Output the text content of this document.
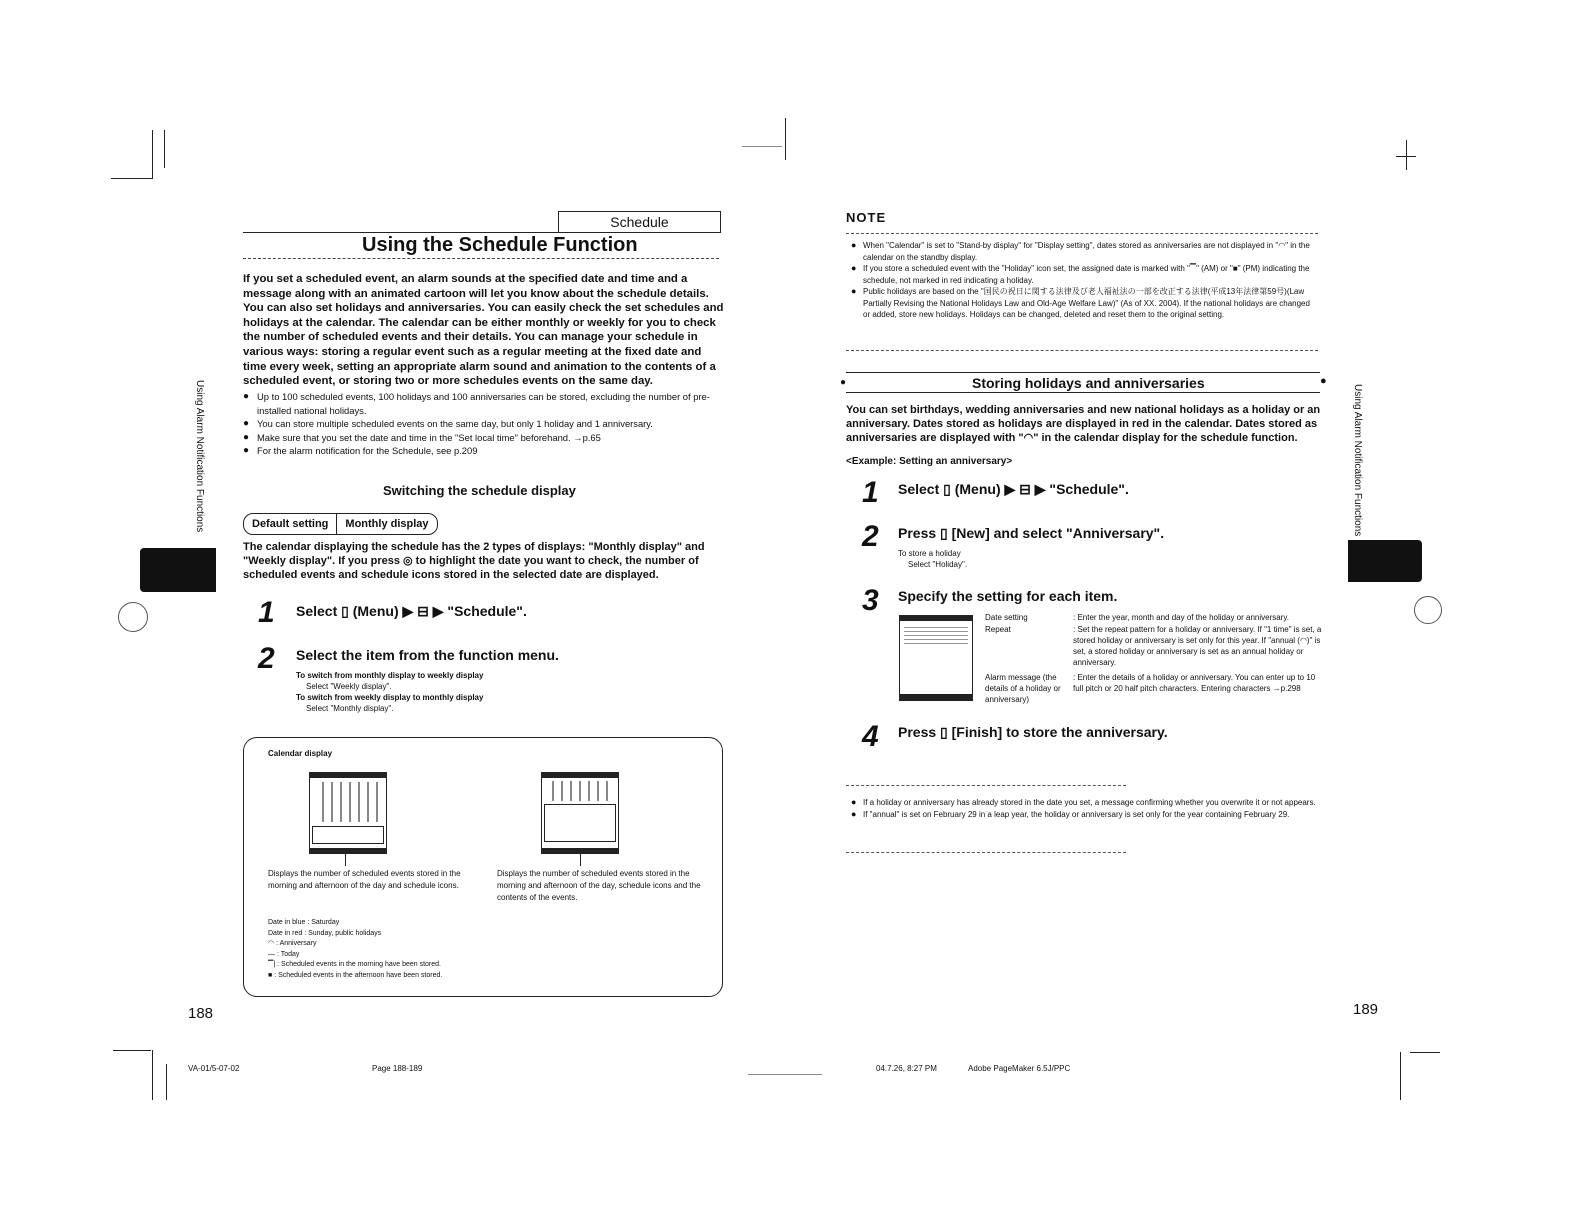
Schedule
Using the Schedule Function
If you set a scheduled event, an alarm sounds at the specified date and time and a message along with an animated cartoon will let you know about the schedule details. You can also set holidays and anniversaries. You can easily check the set schedules and holidays at the calendar. The calendar can be either monthly or weekly for you to check the number of scheduled events and their details. You can manage your schedule in various ways: storing a regular event such as a regular meeting at the fixed date and time every week, setting an appropriate alarm sound and animation to the contents of a scheduled event, or storing two or more schedules events on the same day.
● Up to 100 scheduled events, 100 holidays and 100 anniversaries can be stored, excluding the number of pre-installed national holidays.
● You can store multiple scheduled events on the same day, but only 1 holiday and 1 anniversary.
● Make sure that you set the date and time in the "Set local time" beforehand. →p.65
● For the alarm notification for the Schedule, see p.209
Switching the schedule display
Default setting	Monthly display
The calendar displaying the schedule has the 2 types of displays: "Monthly display" and "Weekly display". If you press ◎ to highlight the date you want to check, the number of scheduled events and schedule icons stored in the selected date are displayed.
1 Select ▯ (Menu) ▶ ⊟ ▶ "Schedule".
2 Select the item from the function menu.
To switch from monthly display to weekly display
Select "Weekly display".
To switch from weekly display to monthly display
Select "Monthly display".
Calendar display
Displays the number of scheduled events stored in the morning and afternoon of the day and schedule icons.
Displays the number of scheduled events stored in the morning and afternoon of the day, schedule icons and the contents of the events.
Date in blue : Saturday
Date in red : Sunday, public holidays
◠ : Anniversary
— : Today
▔| : Scheduled events in the morning have been stored.
■ : Scheduled events in the afternoon have been stored.
Using Alarm Notification Functions
188
VA-01/5-07-02	Page 188-189
NOTE
● When "Calendar" is set to "Stand-by display" for "Display setting", dates stored as anniversaries are not displayed in "◠" in the calendar on the standby display.
● If you store a scheduled event with the "Holiday" icon set, the assigned date is marked with "▔" (AM) or "■" (PM) indicating the schedule, not marked in red indicating a holiday.
● Public holidays are based on the "国民の祝日に関する法律及び老人福祉法の一部を改正する法律(平成13年法律第59号)(Law Partially Revising the National Holidays Law and Old-Age Welfare Law)" (As of XX. 2004). If the national holidays are changed or added, store new holidays. Holidays can be changed, deleted and reset them to the original setting.
●	●
Storing holidays and anniversaries
You can set birthdays, wedding anniversaries and new national holidays as a holiday or an anniversary. Dates stored as holidays are displayed in red in the calendar. Dates stored as anniversaries are displayed with "◠" in the calendar display for the schedule function.
<Example: Setting an anniversary>
1 Select ▯ (Menu) ▶ ⊟ ▶ "Schedule".
2 Press ▯ [New] and select "Anniversary".
To store a holiday
Select "Holiday".
3 Specify the setting for each item.
Date setting	: Enter the year, month and day of the holiday or anniversary.
Repeat	: Set the repeat pattern for a holiday or anniversary. If "1 time" is set, a stored holiday or anniversary is set only for this year. If "annual (◠)" is set, a stored holiday or anniversary is set as an annual holiday or anniversary.
Alarm message (the details of a holiday or anniversary)
: Enter the details of a holiday or anniversary. You can enter up to 10 full pitch or 20 half pitch characters. Entering characters →p.298
4 Press ▯ [Finish] to store the anniversary.
● If a holiday or anniversary has already stored in the date you set, a message confirming whether you overwrite it or not appears.
● If "annual" is set on February 29 in a leap year, the holiday or anniversary is set only for the year containing February 29.
Using Alarm Notification Functions
189
04.7.26, 8:27 PM	Adobe PageMaker 6.5J/PPC
